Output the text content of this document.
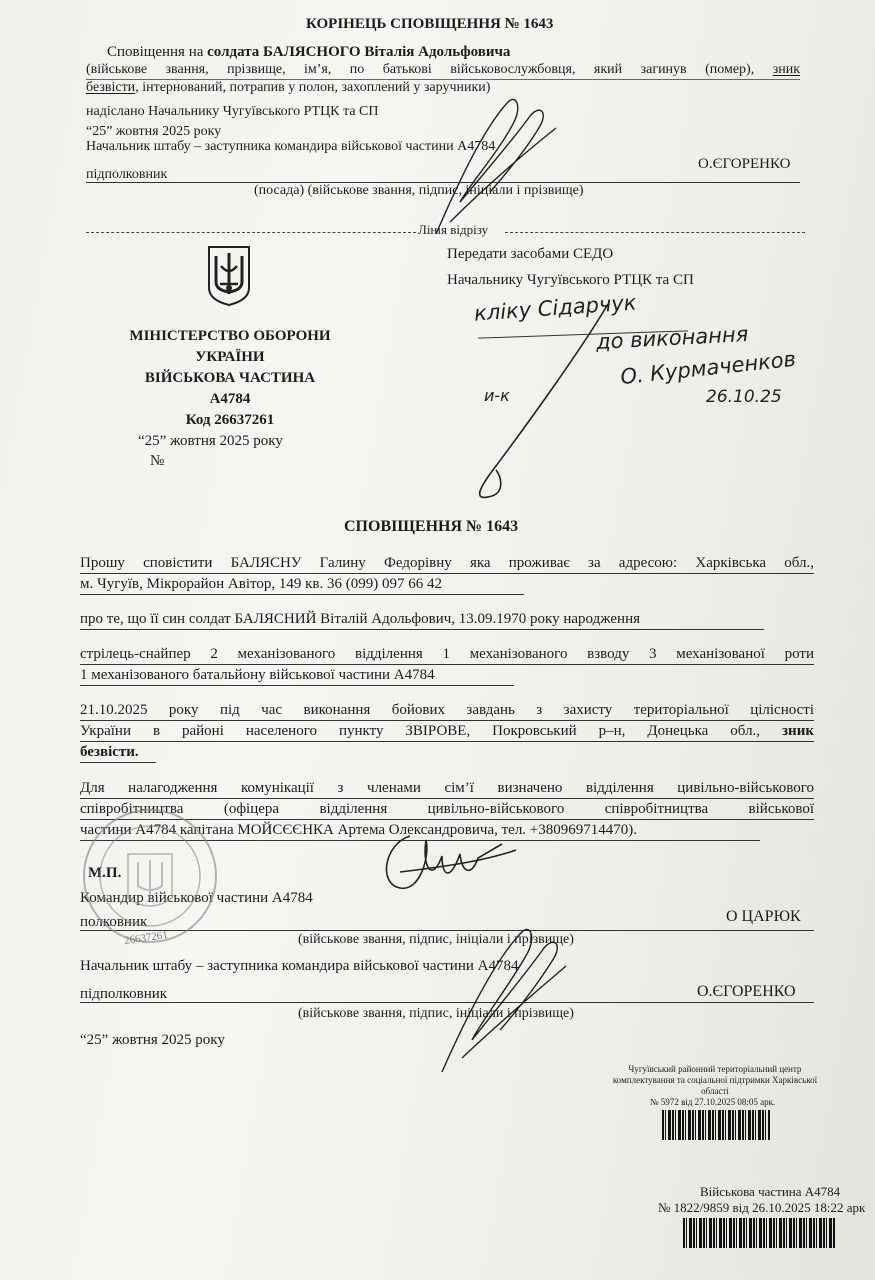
КОРІНЕЦЬ СПОВІЩЕННЯ № 1643
Сповіщення на солдата БАЛЯСНОГО Віталія Адольфовича
(військове звання, прізвище, ім’я, по батькові військовослужбовця, який загинув (помер), зник
безвісти, інтернований, потрапив у полон, захоплений у заручники)
надіслано Начальнику Чугуївського РТЦК та СП
“25” жовтня 2025 року
Начальник штабу – заступника командира військової частини А4784
підполковник
О.ЄГОРЕНКО
(посада) (військове звання, підпис, ініціали і прізвище)
Лінія відрізу
Передати засобами СЕДО
Начальнику Чугуївського РТЦК та СП
МІНІСТЕРСТВО ОБОРОНИ
УКРАЇНИ
ВІЙСЬКОВА ЧАСТИНА
А4784
Код 26637261
“25” жовтня 2025 року
№
кліку Сідарчук
до виконання
О. Курмаченков
26.10.25
и-к
СПОВІЩЕННЯ № 1643
Прошу сповістити БАЛЯСНУ Галину Федорівну яка проживає за адресою: Харківська обл.,
м. Чугуїв, Мікрорайон Авітор, 149 кв. 36 (099) 097 66 42
про те, що її син солдат БАЛЯСНИЙ Віталій Адольфович, 13.09.1970 року народження
стрілець-снайпер 2 механізованого відділення 1 механізованого взводу 3 механізованої роти
1 механізованого батальйону військової частини А4784
21.10.2025 року під час виконання бойових завдань з захисту територіальної цілісності
України в районі населеного пункту ЗВІРОВЕ, Покровський р–н, Донецька обл., зник
безвісти.
Для налагодження комунікації з членами сім’ї визначено відділення цивільно-військового
співробітництва (офіцера відділення цивільно-військового співробітництва військової
частини А4784 капітана МОЙСЄЄНКА Артема Олександровича, тел. +380969714470).
М.П.
Командир військової частини А4784
полковник	О ЦАРЮК
(військове звання, підпис, ініціали і прізвище)
Начальник штабу – заступника командира військової частини А4784
підполковник	О.ЄГОРЕНКО
(військове звання, підпис, ініціали і прізвище)
“25” жовтня 2025 року
26637261
Чугуївський районний територіальний центр
комплектування та соціальної підтримки Харківської
області
№ 5972 від 27.10.2025 08:05 арк.
Військова частина А4784
№ 1822/9859 від 26.10.2025 18:22 арк
